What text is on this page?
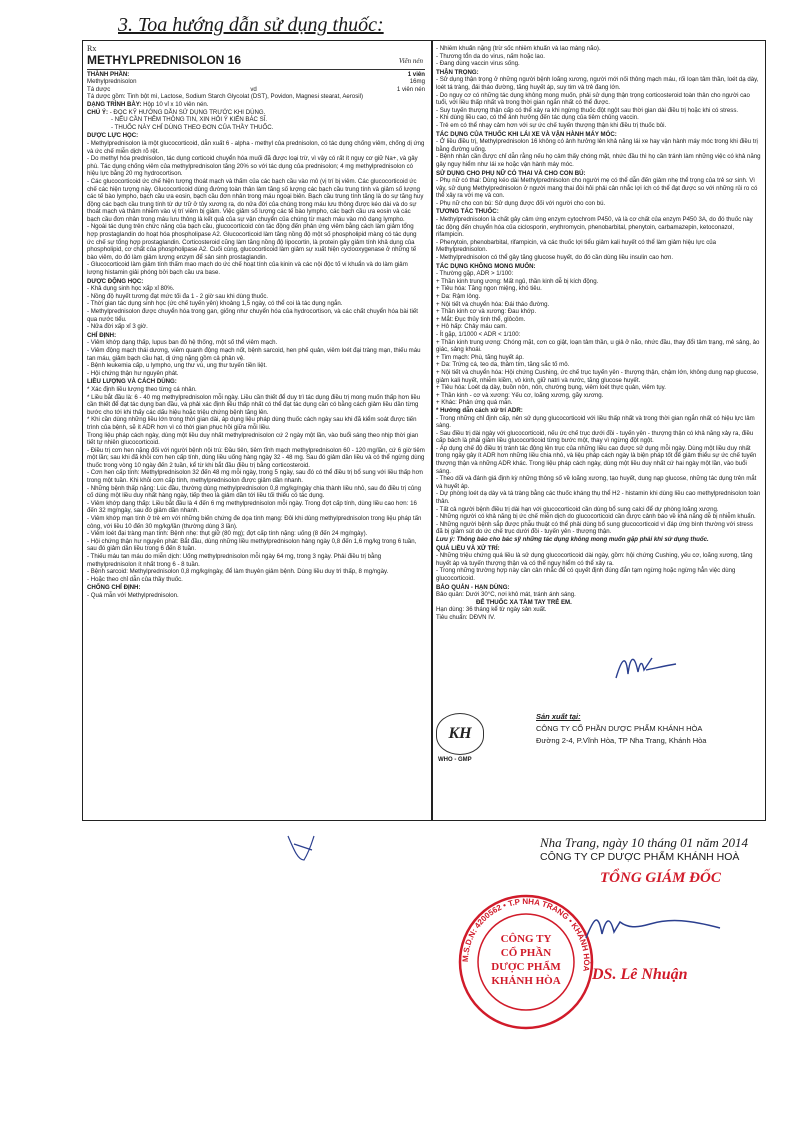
3. Toa hướng dẫn sử dụng thuốc:

Rx

METHYLPREDNISOLON 16

THÀNH PHẦN:	1 viên
Methylprednisolon	16mg
Tá dược	vd	1 viên nén

Tá dược gồm: Tinh bột mì, Lactose, Sodium Starch Glycolat (DST), Povidon, Magnesi stearat, Aerosil)

DẠNG TRÌNH BÀY: Hộp 10 vỉ x 10 viên nén.

CHÚ Ý: - ĐỌC KỸ HƯỚNG DẪN SỬ DỤNG TRƯỚC KHI DÙNG.

- NẾU CẦN THÊM THÔNG TIN, XIN HỎI Ý KIẾN BÁC SĨ.

- THUỐC NÀY CHỈ DÙNG THEO ĐƠN CỦA THẦY THUỐC.

DƯỢC LỰC HỌC:

- Methylprednisolon là một glucocorticoid, dẫn xuất 6 - alpha - methyl của prednisolon, có tác dụng chống viêm, chống dị ứng và ức chế miễn dịch rõ rệt.

- Do methyl hóa prednisolon, tác dụng corticoid chuyển hóa muối đã được loại trừ, vì vậy có rất ít nguy cơ giữ Na+, và gây phù. Tác dụng chống viêm của methylprednisolon tăng 20% so với tác dụng của prednisolon; 4 mg methylprednisolon có hiệu lực bằng 20 mg hydrocortison.

- Các glucocorticoid ức chế hiện tượng thoát mạch và thấm của các bạch cầu vào mô (vị trí bị viêm. Các glucocorticoid ức chế các hiện tượng này. Glucocorticoid dùng đường toàn thân làm tăng số lượng các bạch cầu trung tính và giảm số lượng các tế bào lympho, bạch cầu ưa eosin, bạch cầu đơn nhân trong máu ngoại biên. Bạch cầu trung tính tăng là do sự tăng huy động các bạch cầu trung tính từ dự trữ ở tủy xương ra, do nửa đời của chúng trong máu lưu thông được kéo dài và do sự thoát mạch và thâm nhiễm vào vị trí viêm bị giảm. Việc giảm số lượng các tế bào lympho, các bạch cầu ưa eosin và các bạch cầu đơn nhân trong máu lưu thông là kết quả của sự vận chuyển của chúng từ mạch máu vào mô dạng lympho.

- Ngoài tác dụng trên chức năng của bạch cầu, glucocorticoid còn tác động đến phản ứng viêm bằng cách làm giảm tổng hợp prostaglandin do hoạt hóa phospholipase A2. Glucocorticoid làm tăng nồng độ một số phospholipid màng có tác dụng ức chế sự tổng hợp prostaglandin. Corticosteroid cũng làm tăng nồng độ lipocortin, là protein gây giảm tính khả dụng của phospholipid, cơ chất của phospholipase A2. Cuối cùng, glucocorticoid làm giảm sự xuất hiện cyclooxygenase ở những tế bào viêm, do đó làm giảm lượng enzym để sản sinh prostaglandin.

- Glucocorticoid làm giảm tính thấm mao mạch do ức chế hoạt tính của kinin và các nội độc tố vi khuẩn và do làm giảm lượng histamin giải phóng bởi bạch cầu ưa base.

DƯỢC ĐỘNG HỌC:

- Khả dụng sinh học xấp xỉ 80%.

- Nồng độ huyết tương đạt mức tối đa 1 - 2 giờ sau khi dùng thuốc.

- Thời gian tác dụng sinh học (ức chế tuyến yên) khoảng 1,5 ngày, có thể coi là tác dụng ngắn.

- Methylprednisolon được chuyển hóa trong gan, giống như chuyển hóa của hydrocortison, và các chất chuyển hóa bài tiết qua nước tiểu.

- Nửa đời xấp xỉ 3 giờ.

CHỈ ĐỊNH:

- Viêm khớp dạng thấp, lupus ban đỏ hệ thống, một số thể viêm mạch.

- Viêm động mạch thái dương, viêm quanh động mạch nốt, bệnh sarcoid, hen phế quản, viêm loét đại tràng mạn, thiếu máu tan máu, giảm bạch cầu hạt, dị ứng nặng gồm cả phản vệ.

- Bệnh leukemia cấp, u lympho, ung thư vú, ung thư tuyến tiền liệt.

- Hội chứng thận hư nguyên phát.

LIỀU LƯỢNG VÀ CÁCH DÙNG:

* Xác định liều lượng theo từng cá nhân.

* Liều bắt đầu là: 6 - 40 mg methylprednisolon mỗi ngày. Liều cần thiết để duy trì tác dụng điều trị mong muốn thấp hơn liều cần thiết để đạt tác dụng ban đầu, và phải xác định liều thấp nhất có thể đạt tác dụng cần có bằng cách giảm liều dần từng bước cho tới khi thấy các dấu hiệu hoặc triệu chứng bệnh tăng lên.

* Khi cần dùng những liều lớn trong thời gian dài, áp dụng liệu pháp dùng thuốc cách ngày sau khi đã kiểm soát được tiến trình của bệnh, sẽ ít ADR hơn vì có thời gian phục hồi giữa mỗi liều.

Trong liệu pháp cách ngày, dùng một liều duy nhất methylprednisolon cứ 2 ngày một lần, vào buổi sáng theo nhịp thời gian tiết tự nhiên glucocorticoid.

- Điều trị cơn hen nặng đối với người bệnh nội trú: Đầu tiên, tiêm tĩnh mạch methylprednisolon 60 - 120 mg/lần, cứ 6 giờ tiêm một lần; sau khi đã khỏi cơn hen cấp tính, dùng liều uống hàng ngày 32 - 48 mg. Sau đó giảm dần liều và có thể ngừng dùng thuốc trong vòng 10 ngày đến 2 tuần, kể từ khi bắt đầu điều trị bằng corticosteroid.

- Cơn hen cấp tính: Methylprednisolon 32 đến 48 mg mỗi ngày, trong 5 ngày, sau đó có thể điều trị bổ sung với liều thấp hơn trong một tuần. Khi khỏi cơn cấp tính, methylprednisolon được giảm dần nhanh.

- Những bệnh thấp nặng: Lúc đầu, thường dùng methylprednisolon 0,8 mg/kg/ngày chia thành liều nhỏ, sau đó điều trị củng cố dùng một liều duy nhất hàng ngày, tiếp theo là giảm dần tới liều tối thiểu có tác dụng.

- Viêm khớp dạng thấp: Liều bắt đầu là 4 đến 6 mg methylprednisolon mỗi ngày. Trong đợt cấp tính, dùng liều cao hơn: 16 đến 32 mg/ngày, sau đó giảm dần nhanh.

- Viêm khớp mạn tính ở trẻ em với những biến chứng đe dọa tính mạng: Đôi khi dùng methylprednisolon trong liệu pháp tấn công, với liều 10 đến 30 mg/kg/lần (thường dùng 3 lần).

- Viêm loét đại tràng mạn tính: Bệnh nhẹ: thụt giữ (80 mg); đợt cấp tính nặng: uống (8 đến 24 mg/ngày).

- Hội chứng thận hư nguyên phát: Bắt đầu, dùng những liều methylprednisolon hàng ngày 0,8 đến 1,6 mg/kg trong 6 tuần, sau đó giảm dần liều trong 6 đến 8 tuần.

- Thiếu máu tan máu do miễn dịch: Uống methylprednisolon mỗi ngày 64 mg, trong 3 ngày. Phải điều trị bằng methylprednisolon ít nhất trong 6 - 8 tuần.

- Bệnh sarcoid: Methylprednisolon 0,8 mg/kg/ngày, để làm thuyên giảm bệnh. Dùng liều duy trì thấp, 8 mg/ngày.

- Hoặc theo chỉ dẫn của thầy thuốc.

CHỐNG CHỈ ĐỊNH:

- Quá mẫn với Methylprednisolon.

Viên nén

- Nhiễm khuẩn nặng (trừ sốc nhiễm khuẩn và lao màng não).

- Thương tổn da do virus, nấm hoặc lao.

- Đang dùng vaccin virus sống.

THẬN TRỌNG:

- Sử dụng thận trọng ở những người bệnh loãng xương, người mới nối thông mạch máu, rối loạn tâm thần, loét dạ dày, loét tá tràng, đái tháo đường, tăng huyết áp, suy tim và trẻ đang lớn.

- Do nguy cơ có những tác dụng không mong muốn, phải sử dụng thận trọng corticosteroid toàn thân cho người cao tuổi, với liều thấp nhất và trong thời gian ngắn nhất có thể được.

- Suy tuyến thượng thận cấp có thể xảy ra khi ngừng thuốc đột ngột sau thời gian dài điều trị hoặc khi có stress.

- Khi dùng liều cao, có thể ảnh hưởng đến tác dụng của tiêm chủng vaccin.

- Trẻ em có thể nhạy cảm hơn với sự ức chế tuyến thượng thận khi điều trị thuốc bôi.

TÁC DỤNG CỦA THUỐC KHI LÁI XE VÀ VẬN HÀNH MÁY MÓC:

- Ở liều điều trị, Methylprednisolon 16 không có ảnh hưởng lên khả năng lái xe hay vận hành máy móc trong khi điều trị bằng đường uống.

- Bệnh nhân cần được chỉ dẫn rằng nếu họ cảm thấy chóng mặt, nhức đầu thì họ cần tránh làm những việc có khả năng gây nguy hiểm như lái xe hoặc vận hành máy móc.

SỬ DỤNG CHO PHỤ NỮ CÓ THAI VÀ CHO CON BÚ:

- Phụ nữ có thai: Dùng kéo dài Methylprednisolon cho người mẹ có thể dẫn đến giảm nhẹ thể trọng của trẻ sơ sinh. Vì vậy, sử dụng Methylprednisolon ở người mang thai đòi hỏi phải cân nhắc lợi ích có thể đạt được so với những rủi ro có thể xảy ra với mẹ và con.

- Phụ nữ cho con bú: Sử dụng được đối với người cho con bú.

TƯƠNG TÁC THUỐC:

- Methylprednisolon là chất gây cảm ứng enzym cytochrom P450, và là cơ chất của enzym P450 3A, do đó thuốc này tác động đến chuyển hóa của ciclosporin, erythromycin, phenobarbital, phenytoin, carbamazepin, ketoconazol, rifampicin.

- Phenytoin, phenobarbital, rifampicin, và các thuốc lợi tiểu giảm kali huyết có thể làm giảm hiệu lực của Methylprednisolon.

- Methylprednisolon có thể gây tăng glucose huyết, do đó cần dùng liều insulin cao hơn.

TÁC DỤNG KHÔNG MONG MUỐN:

- Thường gặp, ADR > 1/100:

+ Thần kinh trung ương: Mất ngủ, thần kinh dễ bị kích động.

+ Tiêu hóa: Tăng ngon miệng, khó tiêu.

+ Da: Rậm lông.

+ Nội tiết và chuyển hóa: Đái tháo đường.

+ Thần kinh cơ và xương: Đau khớp.

+ Mắt: Đục thủy tinh thể, glôcôm.

+ Hô hấp: Chảy máu cam.

- Ít gặp, 1/1000 < ADR < 1/100:

+ Thần kinh trung ương: Chóng mặt, cơn co giật, loạn tâm thần, u giả ở não, nhức đầu, thay đổi tâm trạng, mê sảng, ảo giác, sảng khoái.

+ Tim mạch: Phù, tăng huyết áp.

+ Da: Trứng cá, teo da, thâm tím, tăng sắc tố mô.

+ Nội tiết và chuyển hóa: Hội chứng Cushing, ức chế trục tuyến yên - thượng thận, chậm lớn, không dung nạp glucose, giảm kali huyết, nhiễm kiềm, vô kinh, giữ natri và nước, tăng glucose huyết.

+ Tiêu hóa: Loét dạ dày, buồn nôn, nôn, chướng bụng, viêm loét thực quản, viêm tụy.

+ Thần kinh - cơ và xương: Yếu cơ, loãng xương, gãy xương.

+ Khác: Phản ứng quá mẫn.

* Hướng dẫn cách xử trí ADR:

- Trong những chỉ định cấp, nên sử dụng glucocorticoid với liều thấp nhất và trong thời gian ngắn nhất có hiệu lực lâm sàng.

- Sau điều trị dài ngày với glucocorticoid, nếu ức chế trục dưới đồi - tuyến yên - thượng thận có khả năng xảy ra, điều cấp bách là phải giảm liều glucocorticoid từng bước một, thay vì ngừng đột ngột.

- Áp dụng chế độ điều trị tránh tác động lên trục của những liều cao được sử dụng mỗi ngày. Dùng một liều duy nhất trong ngày gây ít ADR hơn những liều chia nhỏ, và liệu pháp cách ngày là biện pháp tốt để giảm thiểu sự ức chế tuyến thượng thận và những ADR khác. Trong liệu pháp cách ngày, dùng một liều duy nhất cứ hai ngày một lần, vào buổi sáng.

- Theo dõi và đánh giá định kỳ những thông số về loãng xương, tạo huyết, dung nạp glucose, những tác dụng trên mắt và huyết áp.

- Dự phòng loét dạ dày và tá tràng bằng các thuốc kháng thụ thể H2 - histamin khi dùng liều cao methylprednisolon toàn thân.

- Tất cả người bệnh điều trị dài hạn với glucocorticoid cần dùng bổ sung calci để dự phòng loãng xương.

- Những người có khả năng bị ức chế miễn dịch do glucocorticoid cần được cảnh báo về khả năng dễ bị nhiễm khuẩn.

- Những người bệnh sắp được phẫu thuật có thể phải dùng bổ sung glucocorticoid vì đáp ứng bình thường với stress đã bị giảm sút do ức chế trục dưới đồi - tuyến yên - thượng thận.

Lưu ý: Thông báo cho bác sỹ những tác dụng không mong muốn gặp phải khi sử dụng thuốc.

QUÁ LIỀU VÀ XỬ TRÍ:

- Những triệu chứng quá liều là sử dụng glucocorticoid dài ngày, gồm: hội chứng Cushing, yếu cơ, loãng xương, tăng huyết áp và tuyến thượng thận và có thể nguy hiểm có thể xảy ra.

- Trong những trường hợp này cần cân nhắc để có quyết định đúng đắn tạm ngừng hoặc ngừng hẳn việc dùng glucocorticoid.

BẢO QUẢN - HẠN DÙNG:

Bảo quản: Dưới 30°C, nơi khô mát, tránh ánh sáng.

ĐỂ THUỐC XA TẦM TAY TRẺ EM.

Hạn dùng: 36 tháng kể từ ngày sản xuất.

Tiêu chuẩn: DĐVN IV.

KH
WHO - GMP
Sản xuất tại:
CÔNG TY CỔ PHẦN DƯỢC PHẨM KHÁNH HÒA
Đường 2-4, P.Vĩnh Hòa, TP Nha Trang, Khánh Hòa
Nha Trang, ngày 10 tháng 01 năm 2014
CÔNG TY CP DƯỢC PHẨM KHÁNH HOÀ
TỔNG GIÁM ĐỐC
M.S.D.N: 4200562 • T.P NHA TRANG • KHÁNH HÒA
CÔNG TY
CỔ PHẦN
DƯỢC PHẨM
KHÁNH HÒA DS. Lê Nhuận
